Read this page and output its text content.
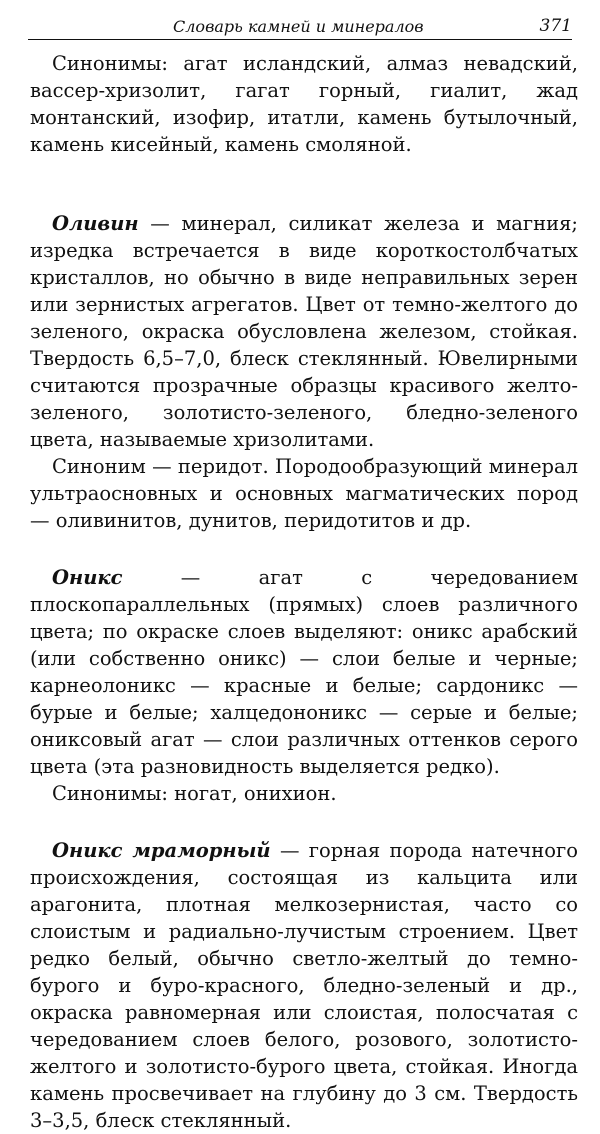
Словарь камней и минералов	371

Синонимы: агат исландский, алмаз невадский, вассер-хризолит, гагат горный, гиалит, жад монтанский, изофир, итатли, камень бутылочный, камень кисейный, камень смоляной.

Оливин — минерал, силикат железа и магния; изредка встречается в виде короткостолбчатых кристаллов, но обычно в виде неправильных зерен или зернистых агрегатов. Цвет от темно-желтого до зеленого, окраска обусловлена железом, стойкая. Твердость 6,5–7,0, блеск стеклянный. Ювелирными считаются прозрачные образцы красивого желто-зеленого, золотисто-зеленого, бледно-зеленого цвета, называемые хризолитами.

Синоним — перидот. Породообразующий минерал ультраосновных и основных магматических пород — оливинитов, дунитов, перидотитов и др.

Оникс — агат с чередованием плоскопараллельных (прямых) слоев различного цвета; по окраске слоев выделяют: оникс арабский (или собственно оникс) — слои белые и черные; карнеолоникс — красные и белые; сардоникс — бурые и белые; халцедононикс — серые и белые; ониксовый агат — слои различных оттенков серого цвета (эта разновидность выделяется редко).

Синонимы: ногат, онихион.

Оникс мраморный — горная порода натечного происхождения, состоящая из кальцита или арагонита, плотная мелкозернистая, часто со слоистым и радиально-лучистым строением. Цвет редко белый, обычно светло-желтый до темно-бурого и буро-красного, бледно-зеленый и др., окраска равномерная или слоистая, полосчатая с чередованием слоев белого, розового, золотисто-желтого и золотисто-бурого цвета, стойкая. Иногда камень просвечивает на глубину до 3 см. Твердость 3–3,5, блеск стеклянный.
